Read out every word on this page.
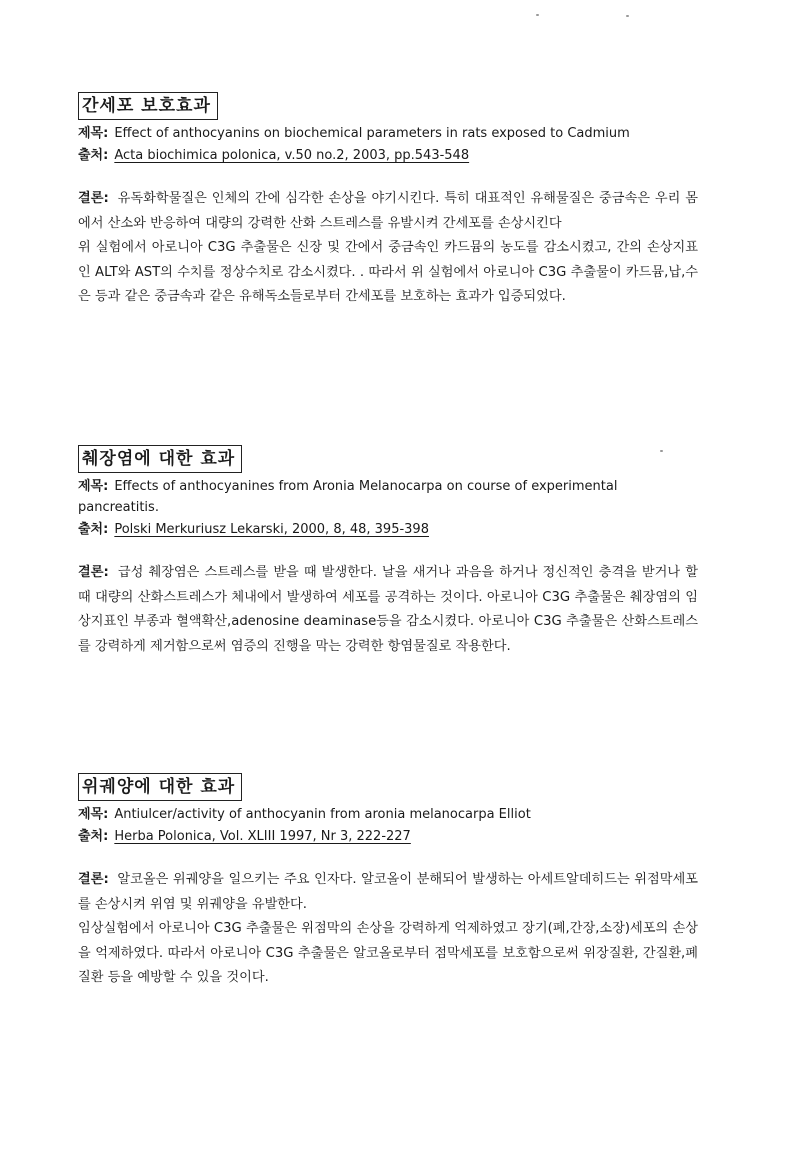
간세포 보호효과
제목: Effect of anthocyanins on biochemical parameters in rats exposed to Cadmium
출처: Acta biochimica polonica, v.50 no.2, 2003, pp.543-548

결론: 유독화학물질은 인체의 간에 심각한 손상을 야기시킨다. 특히 대표적인 유해물질은 중금속은 우리 몸에서 산소와 반응하여 대량의 강력한 산화 스트레스를 유발시켜 간세포를 손상시킨다

위 실험에서 아로니아 C3G 추출물은 신장 및 간에서 중금속인 카드뮴의 농도를 감소시켰고, 간의 손상지표인 ALT와 AST의 수치를 정상수치로 감소시켰다. . 따라서 위 실험에서 아로니아 C3G 추출물이 카드뮴,납,수은 등과 같은 중금속과 같은 유해독소들로부터 간세포를 보호하는 효과가 입증되었다.

췌장염에 대한 효과
제목: Effects of anthocyanines from Aronia Melanocarpa on course of experimental pancreatitis.
출처: Polski Merkuriusz Lekarski, 2000, 8, 48, 395-398

결론: 급성 췌장염은 스트레스를 받을 때 발생한다. 날을 새거나 과음을 하거나 정신적인 충격을 받거나 할 때 대량의 산화스트레스가 체내에서 발생하여 세포를 공격하는 것이다. 아로니아 C3G 추출물은 췌장염의 임상지표인 부종과 혈액확산,adenosine deaminase등을 감소시켰다. 아로니아 C3G 추출물은 산화스트레스를 강력하게 제거함으로써 염증의 진행을 막는 강력한 항염물질로 작용한다.

위궤양에 대한 효과
제목: Antiulcer/activity of anthocyanin from aronia melanocarpa Elliot
출처: Herba Polonica, Vol. XLIII 1997, Nr 3, 222-227

결론: 알코올은 위궤양을 일으키는 주요 인자다. 알코올이 분해되어 발생하는 아세트알데히드는 위점막세포를 손상시켜 위염 및 위궤양을 유발한다.

임상실험에서 아로니아 C3G 추출물은 위점막의 손상을 강력하게 억제하였고 장기(폐,간장,소장)세포의 손상을 억제하였다. 따라서 아로니아 C3G 추출물은 알코올로부터 점막세포를 보호함으로써 위장질환, 간질환,폐질환 등을 예방할 수 있을 것이다.
